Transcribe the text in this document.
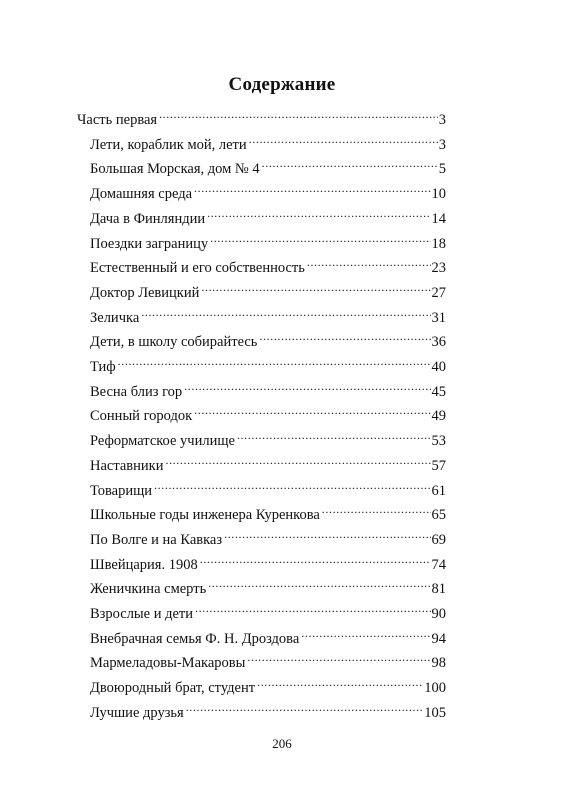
Содержание
Часть первая .....	3
Лети, кораблик мой, лети .....	3
Большая Морская, дом № 4 .....	5
Домашняя среда .....	10
Дача в Финляндии .....	14
Поездки заграницу .....	18
Естественный и его собственность .....	23
Доктор Левицкий .....	27
Зеличка .....	31
Дети, в школу собирайтесь .....	36
Тиф .....	40
Весна близ гор .....	45
Сонный городок .....	49
Реформатское училище .....	53
Наставники .....	57
Товарищи .....	61
Школьные годы инженера Куренкова .....	65
По Волге и на Кавказ .....	69
Швейцария. 1908 .....	74
Женичкина смерть .....	81
Взрослые и дети .....	90
Внебрачная семья Ф. Н. Дроздова .....	94
Мармеладовы-Макаровы .....	98
Двоюродный брат, студент .....	100
Лучшие друзья .....	105
206
